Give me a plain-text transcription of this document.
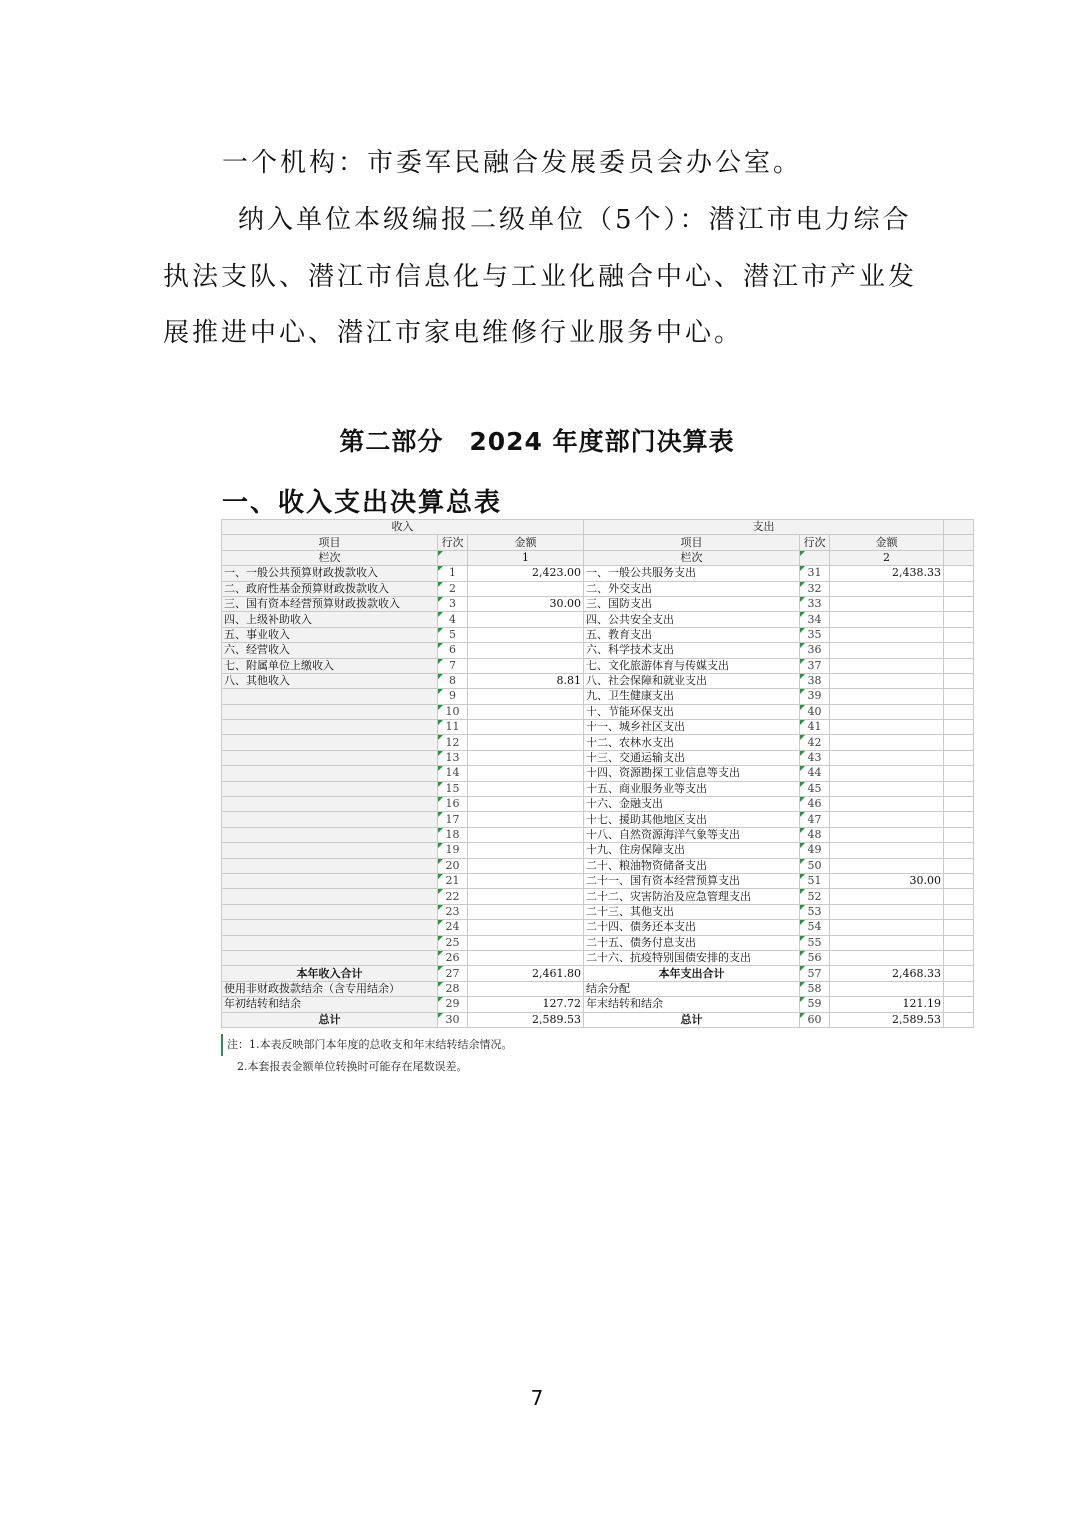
一个机构：市委军民融合发展委员会办公室。
纳入单位本级编报二级单位（5个）：潜江市电力综合
执法支队、潜江市信息化与工业化融合中心、潜江市产业发
展推进中心、潜江市家电维修行业服务中心。
第二部分　2024 年度部门决算表
一、收入支出决算总表
收入			支出			
项目	行次	金额	项目	行次	金额	
栏次		1	栏次		2	
一、一般公共预算财政拨款收入	1	2,423.00	一、一般公共服务支出	31	2,438.33	
二、政府性基金预算财政拨款收入	2		二、外交支出	32		
三、国有资本经营预算财政拨款收入	3	30.00	三、国防支出	33		
四、上级补助收入	4		四、公共安全支出	34		
五、事业收入	5		五、教育支出	35		
六、经营收入	6		六、科学技术支出	36		
七、附属单位上缴收入	7		七、文化旅游体育与传媒支出	37		
八、其他收入	8	8.81	八、社会保障和就业支出	38		
	9		九、卫生健康支出	39		
	10		十、节能环保支出	40		
	11		十一、城乡社区支出	41		
	12		十二、农林水支出	42		
	13		十三、交通运输支出	43		
	14		十四、资源勘探工业信息等支出	44		
	15		十五、商业服务业等支出	45		
	16		十六、金融支出	46		
	17		十七、援助其他地区支出	47		
	18		十八、自然资源海洋气象等支出	48		
	19		十九、住房保障支出	49		
	20		二十、粮油物资储备支出	50		
	21		二十一、国有资本经营预算支出	51	30.00	
	22		二十二、灾害防治及应急管理支出	52		
	23		二十三、其他支出	53		
	24		二十四、债务还本支出	54		
	25		二十五、债务付息支出	55		
	26		二十六、抗疫特别国债安排的支出	56		
本年收入合计	27	2,461.80	本年支出合计	57	2,468.33	
使用非财政拨款结余（含专用结余）	28		结余分配	58		
年初结转和结余	29	127.72	年末结转和结余	59	121.19	
总计	30	2,589.53	总计	60	2,589.53	
注：1.本表反映部门本年度的总收支和年末结转结余情况。
2.本套报表金额单位转换时可能存在尾数误差。
7
